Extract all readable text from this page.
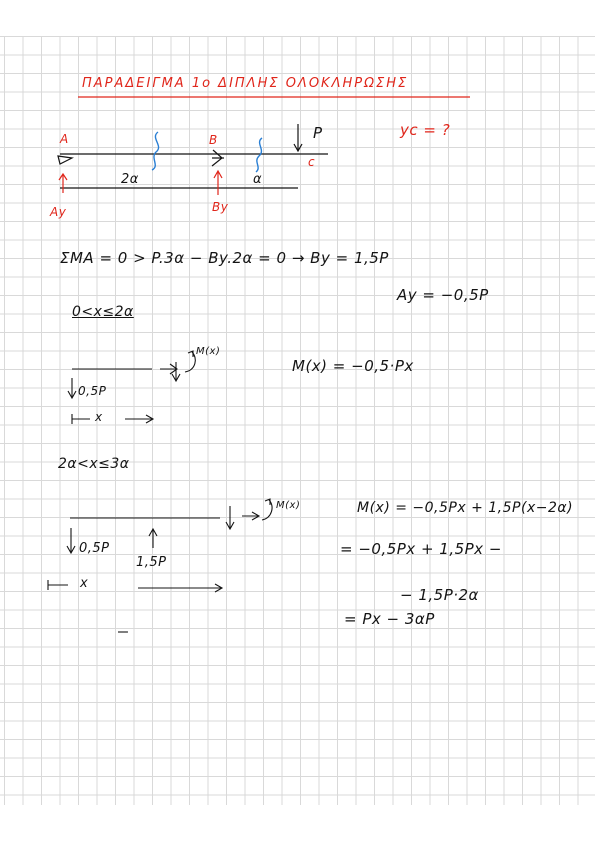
ΠΑΡΑΔΕΙΓΜΑ 1ο ΔΙΠΛΗΣ ΟΛΟΚΛΗΡΩΣΗΣ
A	B
c
P
2α	α
Ay	By
yc = ?
ΣMA = 0 > P.3α − By.2α = 0 → By = 1,5P
Ay = −0,5P
0<x≤2α
M(x)
0,5P
x
M(x) = −0,5·Px
2α<x≤3α
M(x)
0,5P
1,5P
x
M(x) = −0,5Px + 1,5P(x−2α)
= −0,5Px + 1,5Px −
− 1,5P·2α
= Px − 3αP
